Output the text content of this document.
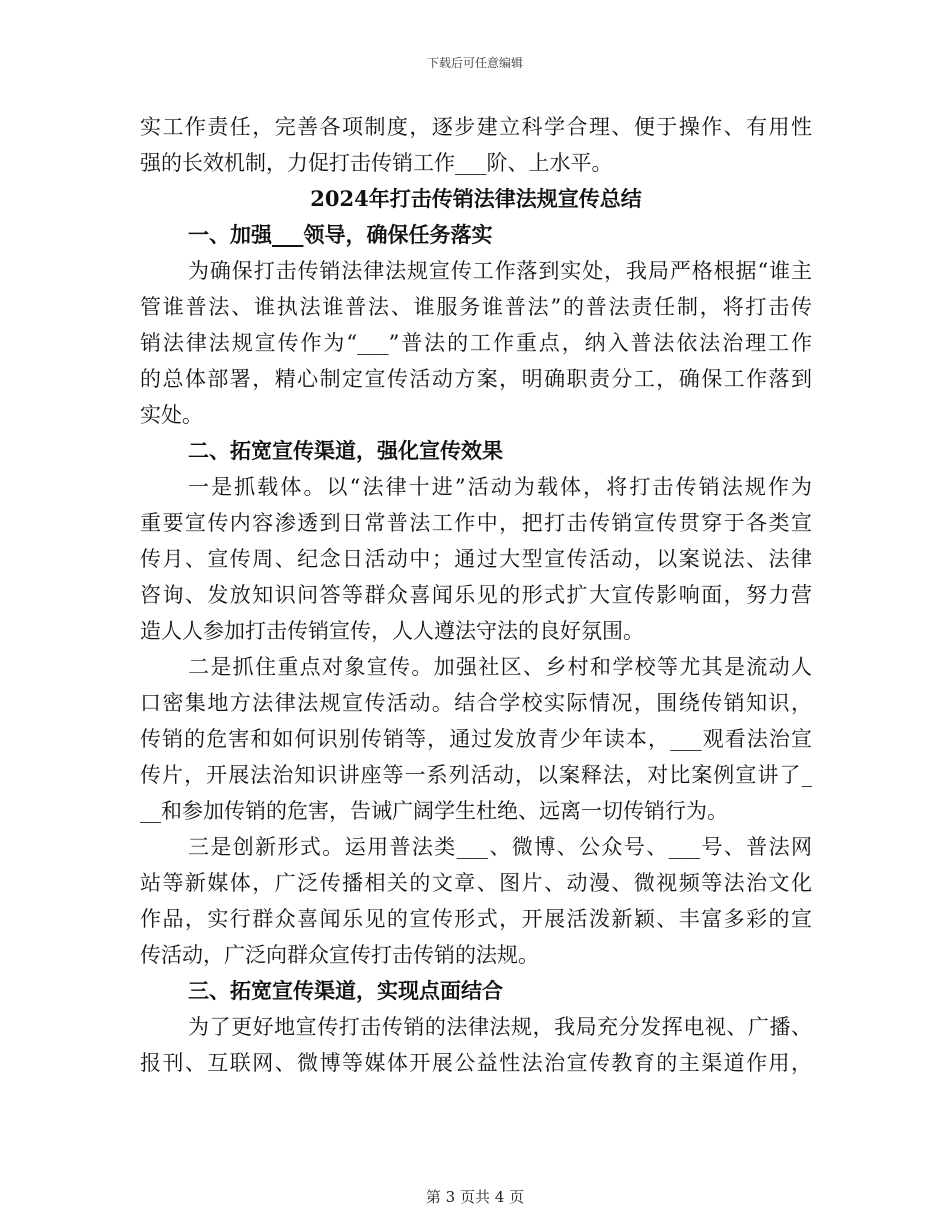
下载后可任意编辑
实工作责任，完善各项制度，逐步建立科学合理、便于操作、有用性
强的长效机制，力促打击传销工作___阶、上水平。
2024年打击传销法律法规宣传总结
一、加强___领导，确保任务落实
为确保打击传销法律法规宣传工作落到实处，我局严格根据“谁主
管谁普法、谁执法谁普法、谁服务谁普法”的普法责任制，将打击传
销法律法规宣传作为“___”普法的工作重点，纳入普法依法治理工作
的总体部署，精心制定宣传活动方案，明确职责分工，确保工作落到
实处。
二、拓宽宣传渠道，强化宣传效果
一是抓载体。以“法律十进”活动为载体，将打击传销法规作为
重要宣传内容渗透到日常普法工作中，把打击传销宣传贯穿于各类宣
传月、宣传周、纪念日活动中；通过大型宣传活动，以案说法、法律
咨询、发放知识问答等群众喜闻乐见的形式扩大宣传影响面，努力营
造人人参加打击传销宣传，人人遵法守法的良好氛围。
二是抓住重点对象宣传。加强社区、乡村和学校等尤其是流动人
口密集地方法律法规宣传活动。结合学校实际情况，围绕传销知识，
传销的危害和如何识别传销等，通过发放青少年读本，___观看法治宣
传片，开展法治知识讲座等一系列活动，以案释法，对比案例宣讲了_
__和参加传销的危害，告诫广阔学生杜绝、远离一切传销行为。
三是创新形式。运用普法类___、微博、公众号、___号、普法网
站等新媒体，广泛传播相关的文章、图片、动漫、微视频等法治文化
作品，实行群众喜闻乐见的宣传形式，开展活泼新颖、丰富多彩的宣
传活动，广泛向群众宣传打击传销的法规。
三、拓宽宣传渠道，实现点面结合
为了更好地宣传打击传销的法律法规，我局充分发挥电视、广播、
报刊、互联网、微博等媒体开展公益性法治宣传教育的主渠道作用，
第 3 页共 4 页
